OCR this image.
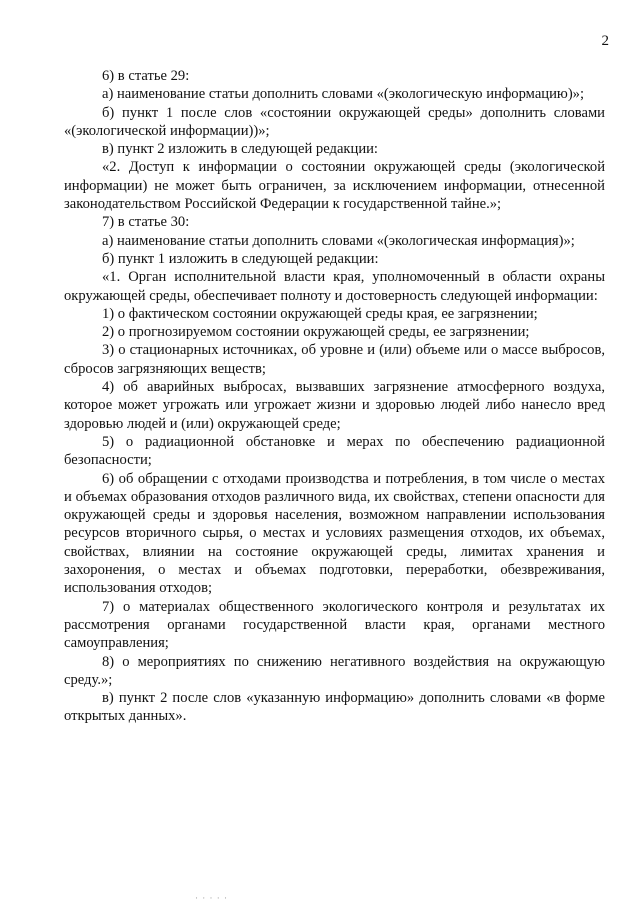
2

6) в статье 29:

а) наименование статьи дополнить словами «(экологическую информацию)»;

б) пункт 1 после слов «состоянии окружающей среды» дополнить словами «(экологической информации))»;

в) пункт 2 изложить в следующей редакции:

«2. Доступ к информации о состоянии окружающей среды (экологической информации) не может быть ограничен, за исключением информации, отнесенной законодательством Российской Федерации к государственной тайне.»;

7) в статье 30:

а) наименование статьи дополнить словами «(экологическая информация)»;

б) пункт 1 изложить в следующей редакции:

«1. Орган исполнительной власти края, уполномоченный в области охраны окружающей среды, обеспечивает полноту и достоверность следующей информации:

1) о фактическом состоянии окружающей среды края, ее загрязнении;

2) о прогнозируемом состоянии окружающей среды, ее загрязнении;

3) о стационарных источниках, об уровне и (или) объеме или о массе выбросов, сбросов загрязняющих веществ;

4) об аварийных выбросах, вызвавших загрязнение атмосферного воздуха, которое может угрожать или угрожает жизни и здоровью людей либо нанесло вред здоровью людей и (или) окружающей среде;

5) о радиационной обстановке и мерах по обеспечению радиационной безопасности;

6) об обращении с отходами производства и потребления, в том числе о местах и объемах образования отходов различного вида, их свойствах, степени опасности для окружающей среды и здоровья населения, возможном направлении использования ресурсов вторичного сырья, о местах и условиях размещения отходов, их объемах, свойствах, влиянии на состояние окружающей среды, лимитах хранения и захоронения, о местах и объемах подготовки, переработки, обезвреживания, использования отходов;

7) о материалах общественного экологического контроля и результатах их рассмотрения органами государственной власти края, органами местного самоуправления;

8) о мероприятиях по снижению негативного воздействия на окружающую среду.»;

в) пункт 2 после слов «указанную информацию» дополнить словами «в форме открытых данных».

· · · · ·
